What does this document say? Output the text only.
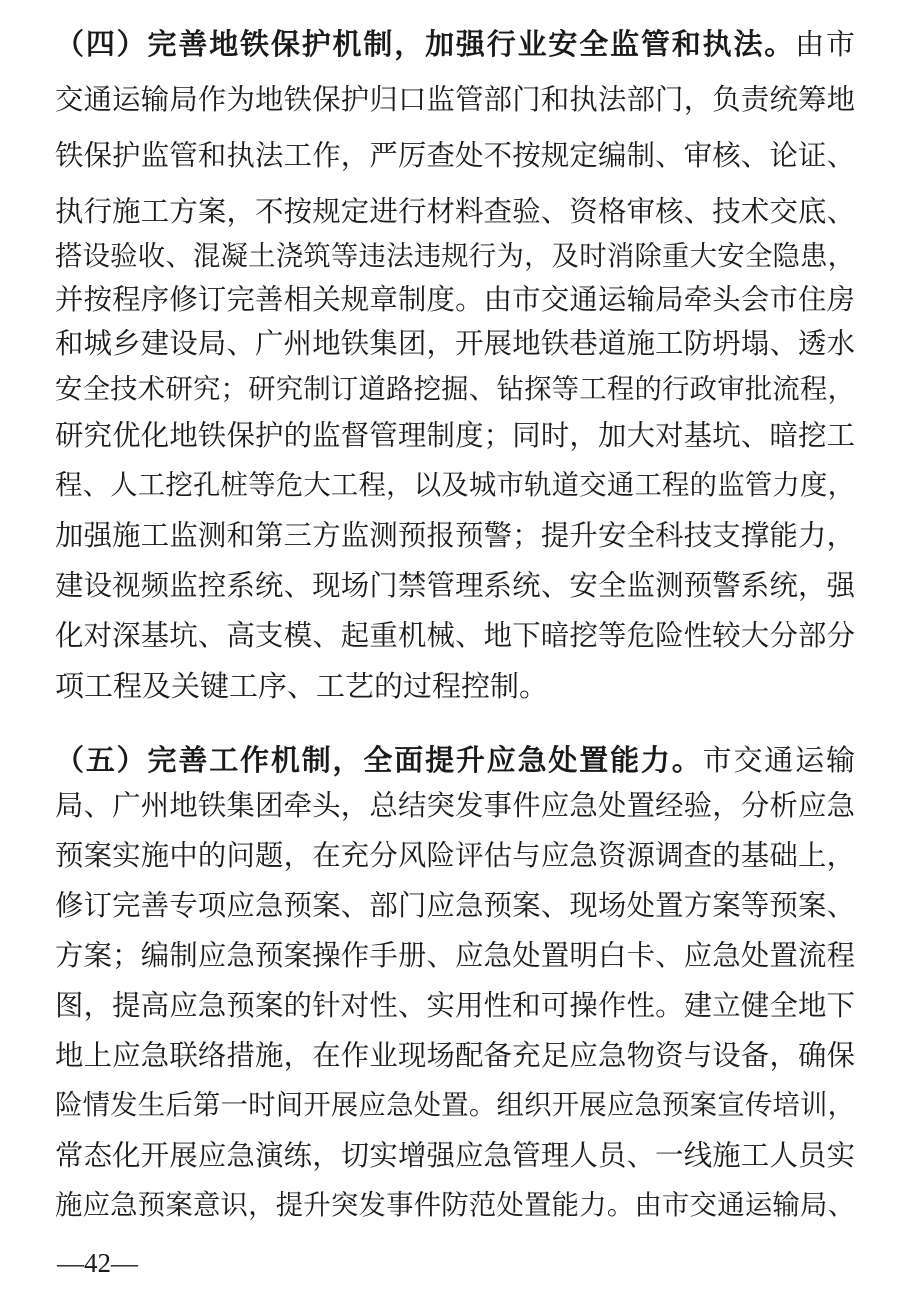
（四）完善地铁保护机制，加强行业安全监管和执法。由市
交通运输局作为地铁保护归口监管部门和执法部门，负责统筹地
铁保护监管和执法工作，严厉查处不按规定编制、审核、论证、
执行施工方案，不按规定进行材料查验、资格审核、技术交底、
搭设验收、混凝土浇筑等违法违规行为，及时消除重大安全隐患，
并按程序修订完善相关规章制度。由市交通运输局牵头会市住房
和城乡建设局、广州地铁集团，开展地铁巷道施工防坍塌、透水
安全技术研究；研究制订道路挖掘、钻探等工程的行政审批流程，
研究优化地铁保护的监督管理制度；同时，加大对基坑、暗挖工
程、人工挖孔桩等危大工程，以及城市轨道交通工程的监管力度，
加强施工监测和第三方监测预报预警；提升安全科技支撑能力，
建设视频监控系统、现场门禁管理系统、安全监测预警系统，强
化对深基坑、高支模、起重机械、地下暗挖等危险性较大分部分
项工程及关键工序、工艺的过程控制。
（五）完善工作机制，全面提升应急处置能力。市交通运输
局、广州地铁集团牵头，总结突发事件应急处置经验，分析应急
预案实施中的问题，在充分风险评估与应急资源调查的基础上，
修订完善专项应急预案、部门应急预案、现场处置方案等预案、
方案；编制应急预案操作手册、应急处置明白卡、应急处置流程
图，提高应急预案的针对性、实用性和可操作性。建立健全地下
地上应急联络措施，在作业现场配备充足应急物资与设备，确保
险情发生后第一时间开展应急处置。组织开展应急预案宣传培训，
常态化开展应急演练，切实增强应急管理人员、一线施工人员实
施应急预案意识，提升突发事件防范处置能力。由市交通运输局、
—42—
